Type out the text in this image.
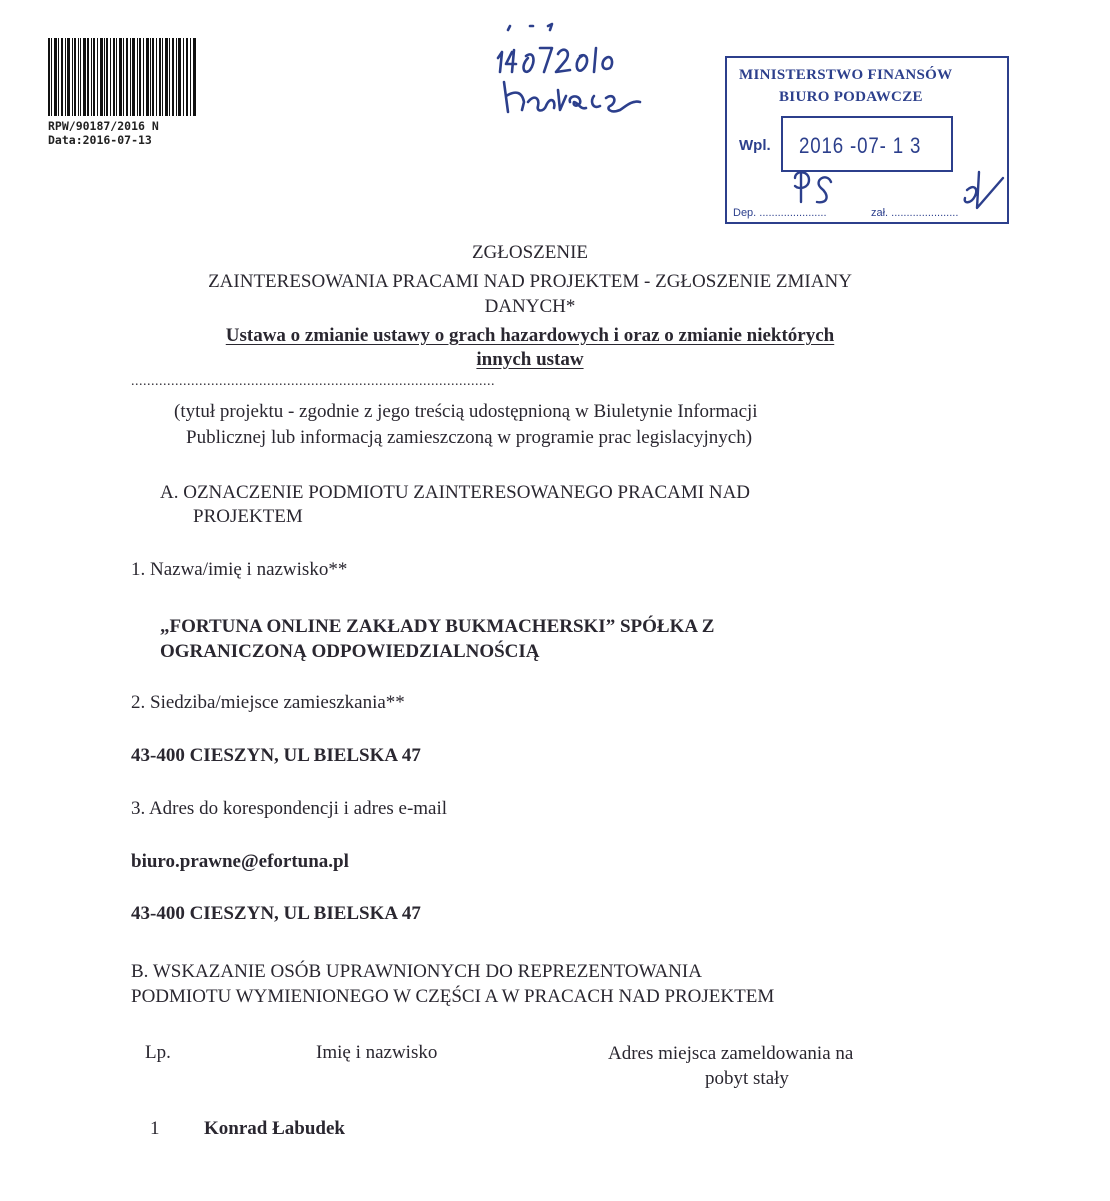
RPW/90187/2016 N
Data:2016-07-13
MINISTERSTWO FINANSÓW
BIURO PODAWCZE
Wpl. 2016 -07- 1 3
Dep. ......................	zał. ......................
ZGŁOSZENIE
ZAINTERESOWANIA PRACAMI NAD PROJEKTEM - ZGŁOSZENIE ZMIANY
DANYCH*
Ustawa o zmianie ustawy o grach hazardowych i oraz o zmianie niektórych
innych ustaw
...........................................................................................
(tytuł projektu - zgodnie z jego treścią udostępnioną w Biuletynie Informacji
Publicznej lub informacją zamieszczoną w programie prac legislacyjnych)
A. OZNACZENIE PODMIOTU ZAINTERESOWANEGO PRACAMI NAD
PROJEKTEM
1. Nazwa/imię i nazwisko**
„FORTUNA ONLINE ZAKŁADY BUKMACHERSKI” SPÓŁKA Z
OGRANICZONĄ ODPOWIEDZIALNOŚCIĄ
2. Siedziba/miejsce zamieszkania**
43-400 CIESZYN, UL BIELSKA 47
3. Adres do korespondencji i adres e-mail
biuro.prawne@efortuna.pl
43-400 CIESZYN, UL BIELSKA 47
B. WSKAZANIE OSÓB UPRAWNIONYCH DO REPREZENTOWANIA
PODMIOTU WYMIENIONEGO W CZĘŚCI A W PRACACH NAD PROJEKTEM
Lp.	Imię i nazwisko	Adres miejsca zameldowania na
pobyt stały
1 Konrad Łabudek
